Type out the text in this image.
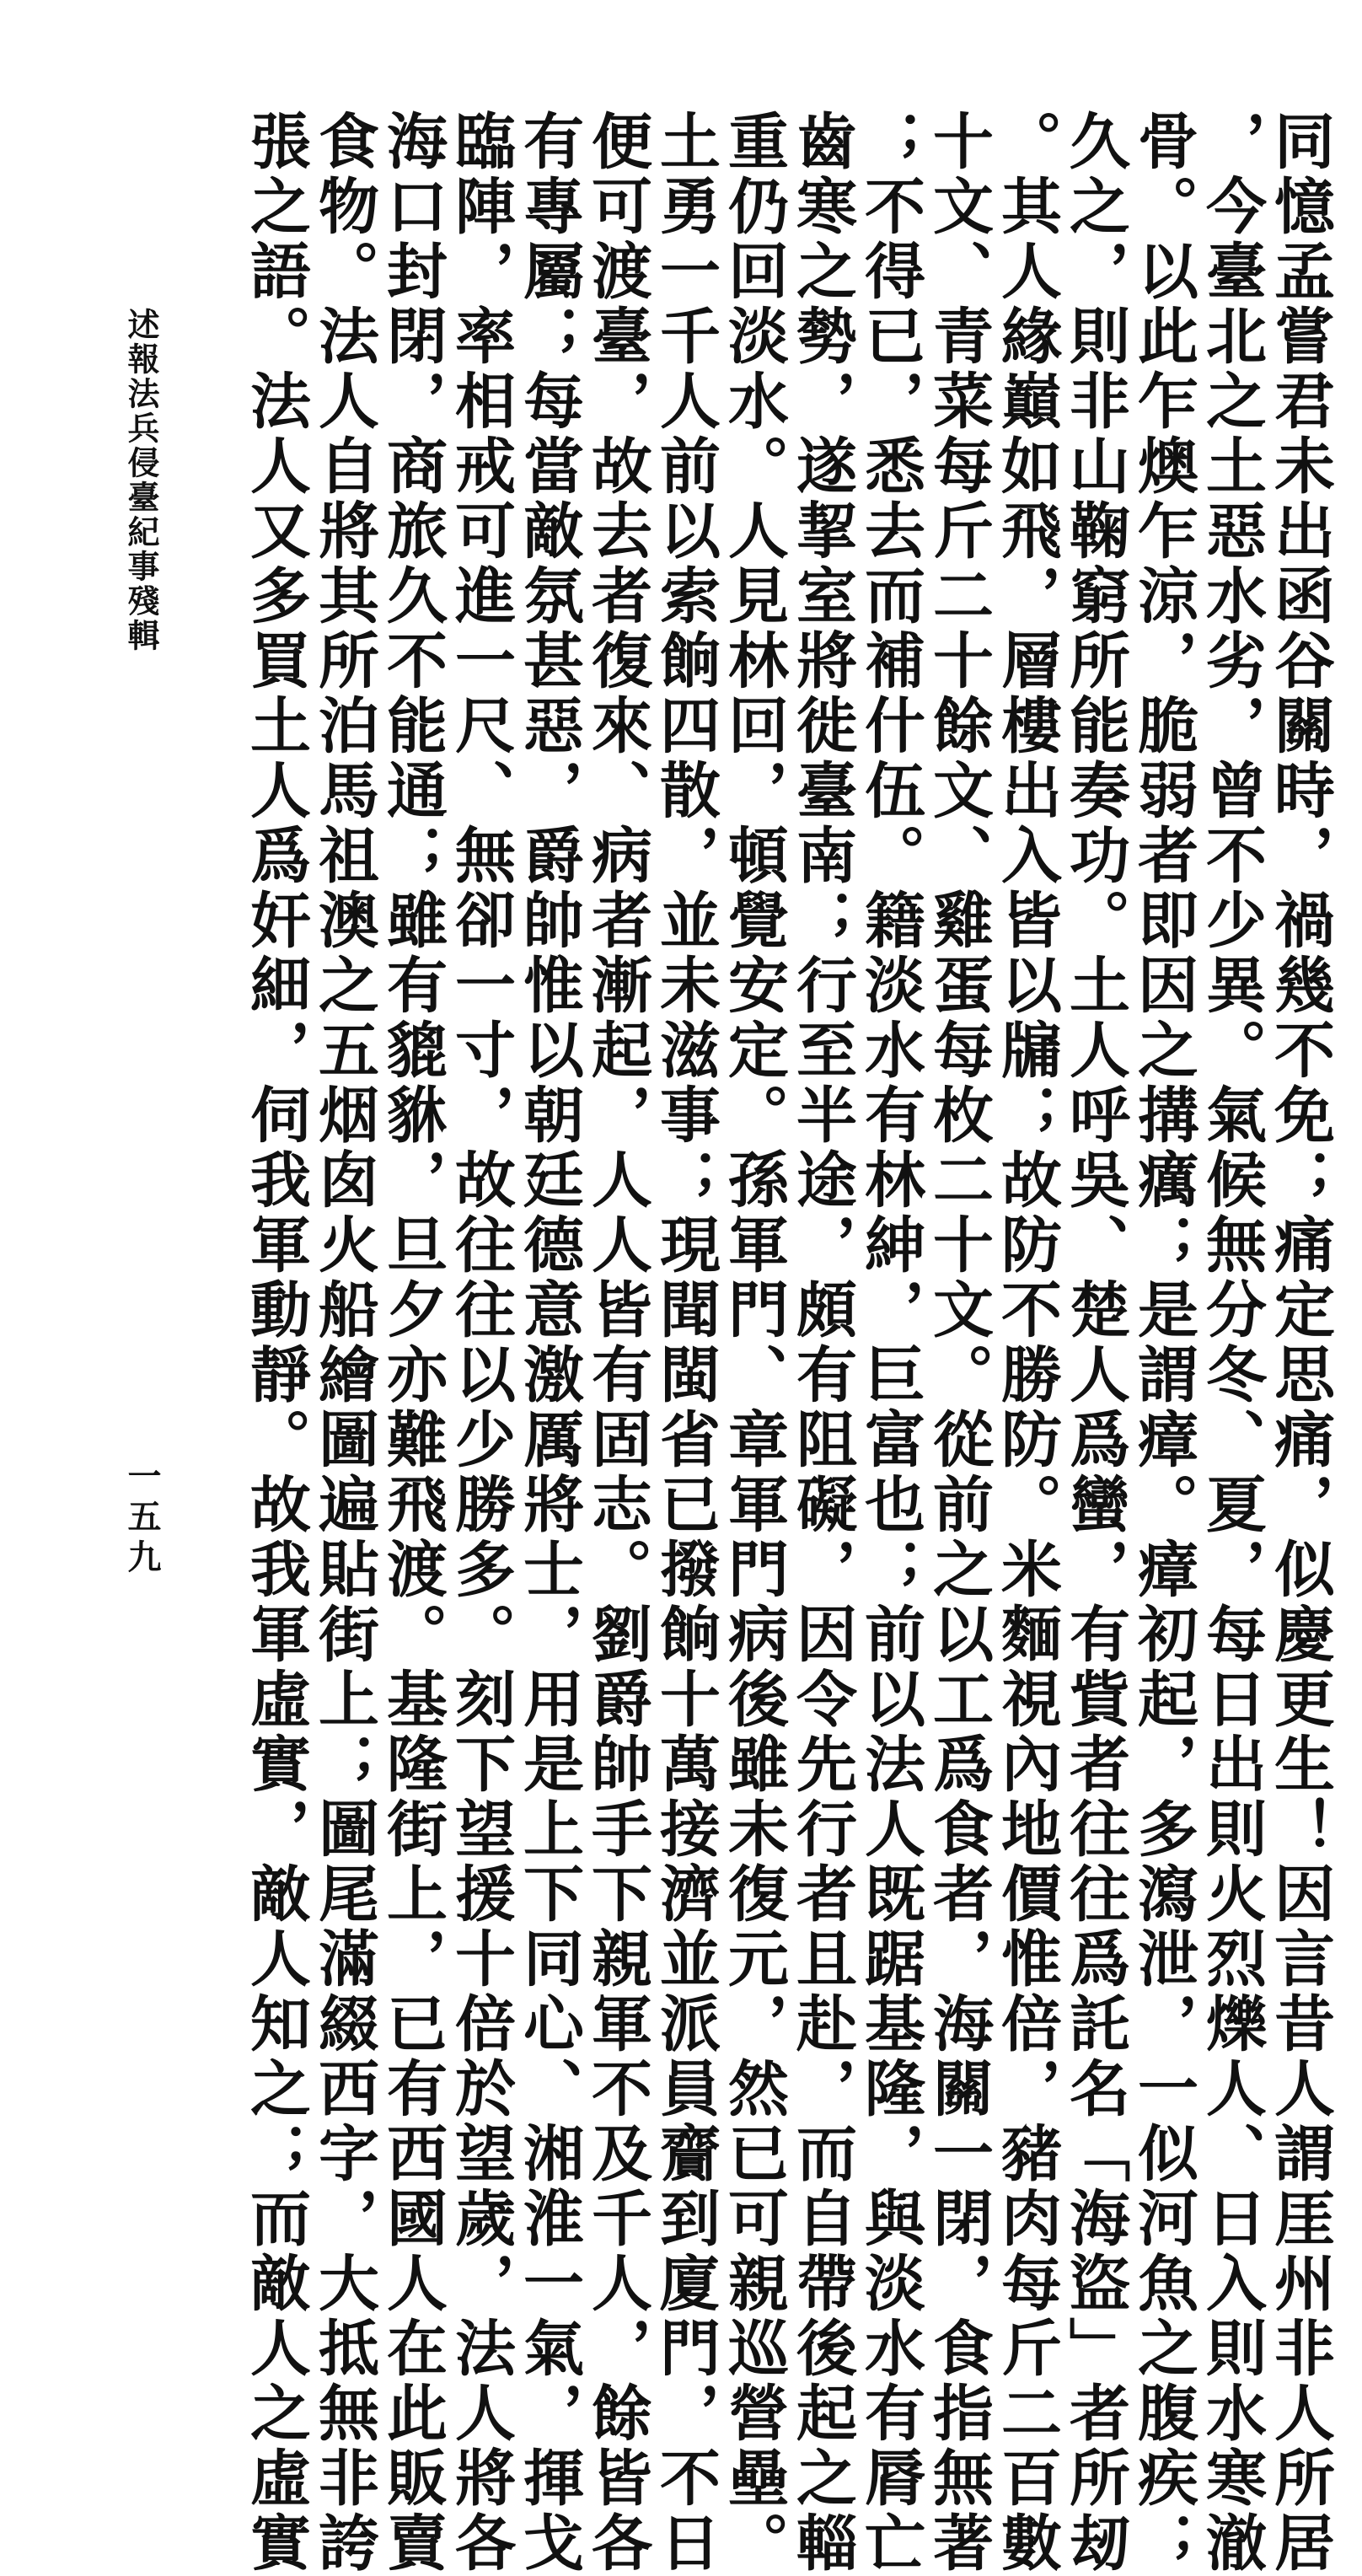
同憶孟嘗君未出函谷關時，禍幾不免；痛定思痛，似慶更生！因言昔人謂厓州非人所居
，今臺北之土惡水劣，曾不少異。氣候無分冬、夏，每日出則火烈爍人、日入則水寒澈
骨。以此乍燠乍涼，脆弱者即因之搆癘；是謂瘴。瘴初起，多瀉泄，一似河魚之腹疾；
久之，則非山鞠窮所能奏功。土人呼吳、楚人爲蠻，有貲者往往爲託名「海盜」者所刼
。其人緣巔如飛，層樓出入皆以牖；故防不勝防。米麵視內地價惟倍，豬肉每斤二百數
十文、青菜每斤二十餘文、雞蛋每枚二十文。從前之以工爲食者，海關一閉，食指無著
；不得已，悉去而補什伍。籍淡水有林紳，巨富也；前以法人既踞基隆，與淡水有脣亡
齒寒之勢，遂挈室將徙臺南；行至半途，頗有阻礙，因令先行者且赴，而自帶後起之輜
重仍回淡水。人見林回，頓覺安定。孫軍門、章軍門病後雖未復元，然已可親巡營壘。
土勇一千人前以索餉四散，並未滋事；現聞閩省已撥餉十萬接濟並派員齎到廈門，不日
便可渡臺，故去者復來、病者漸起，人人皆有固志。劉爵帥手下親軍不及千人，餘皆各
有專屬；每當敵氛甚惡，爵帥惟以朝廷德意激厲將士，用是上下同心、湘淮一氣，揮戈
臨陣，率相戒可進一尺、無卻一寸，故往往以少勝多。刻下望援十倍於望歲，法人將各
海口封閉，商旅久不能通；雖有貔貅，旦夕亦難飛渡。基隆街上，已有西國人在此販賣
食物。法人自將其所泊馬祖澳之五烟囱火船繪圖遍貼街上；圖尾滿綴西字，大抵無非誇
張之語。法人又多買土人爲奸細，伺我軍動靜。故我軍虛實，敵人知之；而敵人之虛實
述報法兵侵臺紀事殘輯
一五九
